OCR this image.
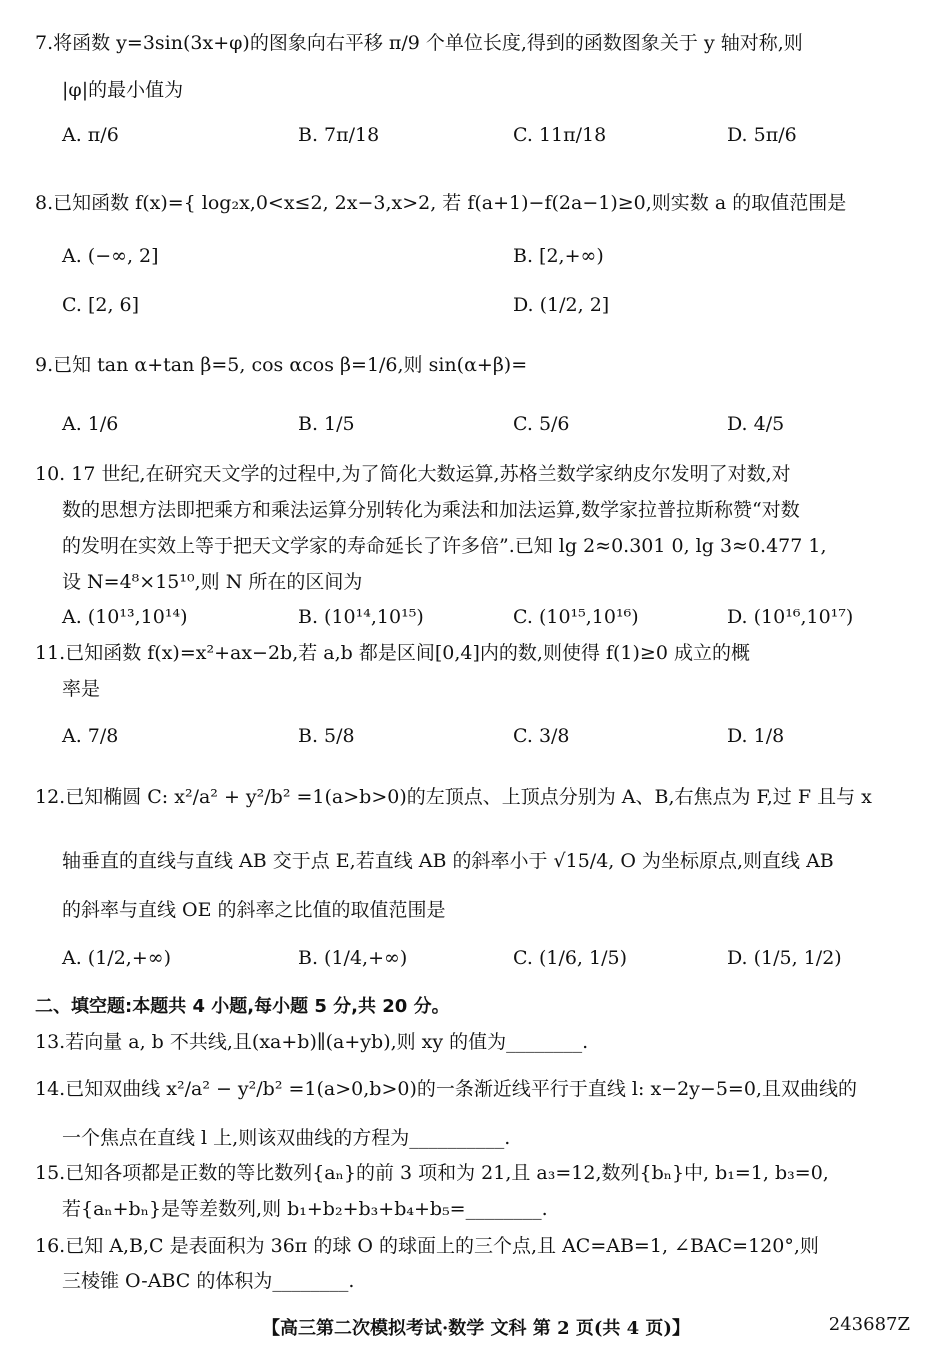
7.将函数 y=3sin(3x+φ)的图象向右平移 π/9 个单位长度,得到的函数图象关于 y 轴对称,则
|φ|的最小值为
A. π/6	B. 7π/18	C. 11π/18	D. 5π/6
8.已知函数 f(x)={ log₂x,0<x≤2, 2x−3,x>2, 若 f(a+1)−f(2a−1)≥0,则实数 a 的取值范围是
A. (−∞, 2]	B. [2,+∞)
C. [2, 6]	D. (1/2, 2]
9.已知 tan α+tan β=5, cos αcos β=1/6,则 sin(α+β)=
A. 1/6	B. 1/5	C. 5/6	D. 4/5
10. 17 世纪,在研究天文学的过程中,为了简化大数运算,苏格兰数学家纳皮尔发明了对数,对
数的思想方法即把乘方和乘法运算分别转化为乘法和加法运算,数学家拉普拉斯称赞“对数
的发明在实效上等于把天文学家的寿命延长了许多倍”.已知 lg 2≈0.301 0, lg 3≈0.477 1,
设 N=4⁸×15¹⁰,则 N 所在的区间为
A. (10¹³,10¹⁴)	B. (10¹⁴,10¹⁵)	C. (10¹⁵,10¹⁶)	D. (10¹⁶,10¹⁷)
11.已知函数 f(x)=x²+ax−2b,若 a,b 都是区间[0,4]内的数,则使得 f(1)≥0 成立的概
率是
A. 7/8	B. 5/8	C. 3/8	D. 1/8
12.已知椭圆 C: x²/a² + y²/b² =1(a>b>0)的左顶点、上顶点分别为 A、B,右焦点为 F,过 F 且与 x
轴垂直的直线与直线 AB 交于点 E,若直线 AB 的斜率小于 √15/4, O 为坐标原点,则直线 AB
的斜率与直线 OE 的斜率之比值的取值范围是
A. (1/2,+∞)	B. (1/4,+∞)	C. (1/6, 1/5)	D. (1/5, 1/2)
二、填空题:本题共 4 小题,每小题 5 分,共 20 分。
13.若向量 a, b 不共线,且(xa+b)∥(a+yb),则 xy 的值为________.
14.已知双曲线 x²/a² − y²/b² =1(a>0,b>0)的一条渐近线平行于直线 l: x−2y−5=0,且双曲线的
一个焦点在直线 l 上,则该双曲线的方程为__________.
15.已知各项都是正数的等比数列{aₙ}的前 3 项和为 21,且 a₃=12,数列{bₙ}中, b₁=1, b₃=0,
若{aₙ+bₙ}是等差数列,则 b₁+b₂+b₃+b₄+b₅=________.
16.已知 A,B,C 是表面积为 36π 的球 O 的球面上的三个点,且 AC=AB=1, ∠BAC=120°,则
三棱锥 O-ABC 的体积为________.
【高三第二次模拟考试·数学 文科 第 2 页(共 4 页)】	243687Z
